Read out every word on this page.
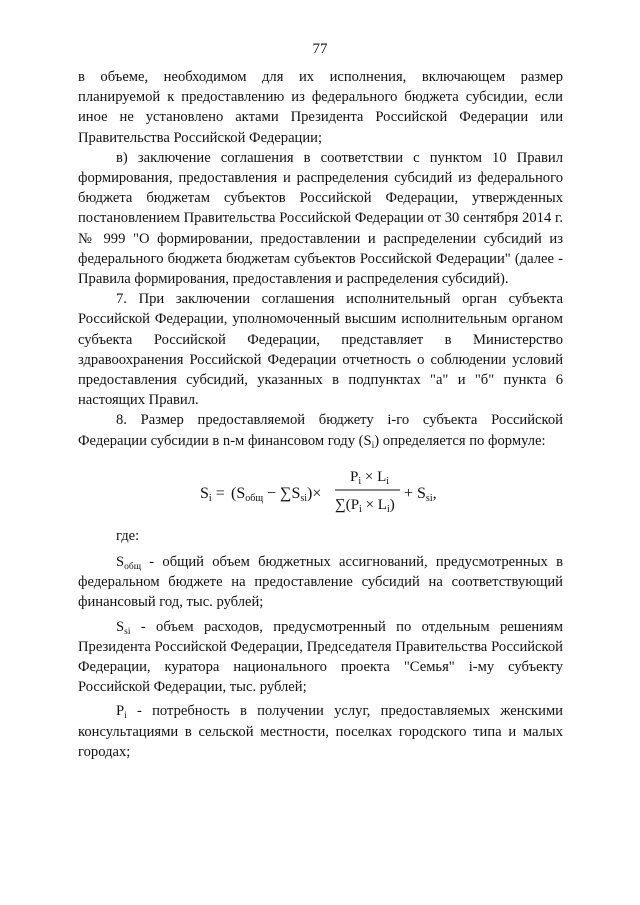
77

в объеме, необходимом для их исполнения, включающем размер планируемой к предоставлению из федерального бюджета субсидии, если иное не установлено актами Президента Российской Федерации или Правительства Российской Федерации;

в) заключение соглашения в соответствии с пунктом 10 Правил формирования, предоставления и распределения субсидий из федерального бюджета бюджетам субъектов Российской Федерации, утвержденных постановлением Правительства Российской Федерации от 30 сентября 2014 г. № 999 "О формировании, предоставлении и распределении субсидий из федерального бюджета бюджетам субъектов Российской Федерации" (далее - Правила формирования, предоставления и распределения субсидий).

7. При заключении соглашения исполнительный орган субъекта Российской Федерации, уполномоченный высшим исполнительным органом субъекта Российской Федерации, представляет в Министерство здравоохранения Российской Федерации отчетность о соблюдении условий предоставления субсидий, указанных в подпунктах "а" и "б" пункта 6 настоящих Правил.

8. Размер предоставляемой бюджету i-го субъекта Российской Федерации субсидии в n-м финансовом году $(S_i)$ определяется по формуле:

Si = (Sобщ − ∑Ssi)×
$P_i \times L_i$
$\sum(P_i \times L_i)$
+ Ssi,

где:

$S_{общ}$ - общий объем бюджетных ассигнований, предусмотренных в федеральном бюджете на предоставление субсидий на соответствующий финансовый год, тыс. рублей;

$S_{si}$ - объем расходов, предусмотренный по отдельным решениям Президента Российской Федерации, Председателя Правительства Российской Федерации, куратора национального проекта "Семья" i-му субъекту Российской Федерации, тыс. рублей;

$P_i$ - потребность в получении услуг, предоставляемых женскими консультациями в сельской местности, поселках городского типа и малых городах;
